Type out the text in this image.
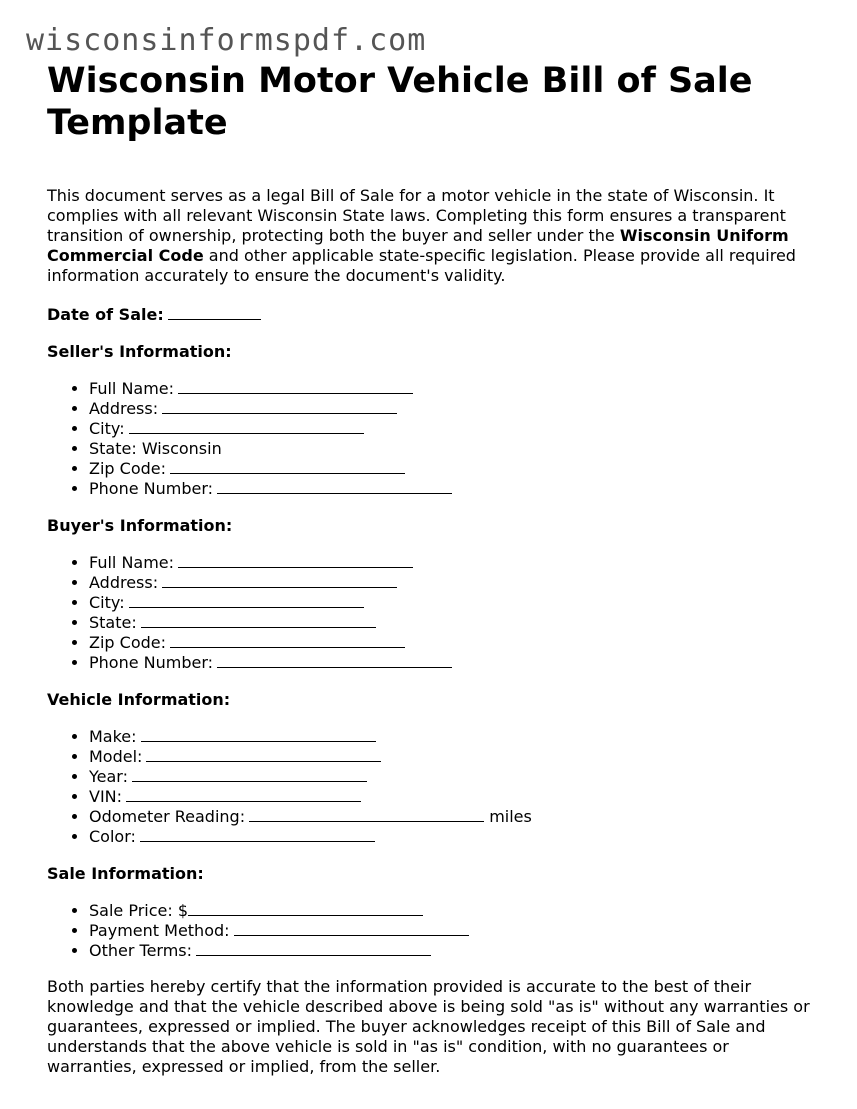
wisconsinformspdf.com
Wisconsin Motor Vehicle Bill of Sale Template

This document serves as a legal Bill of Sale for a motor vehicle in the state of Wisconsin. It complies with all relevant Wisconsin State laws. Completing this form ensures a transparent transition of ownership, protecting both the buyer and seller under the Wisconsin Uniform Commercial Code and other applicable state-specific legislation. Please provide all required information accurately to ensure the document's validity.

Date of Sale:
Seller's Information:
• Full Name:
• Address:
• City:
• State: Wisconsin
• Zip Code:
• Phone Number:
Buyer's Information:
• Full Name:
• Address:
• City:
• State:
• Zip Code:
• Phone Number:
Vehicle Information:
• Make:
• Model:
• Year:
• VIN:
• Odometer Reading:	miles
• Color:
Sale Information:
• Sale Price: $
• Payment Method:
• Other Terms:

Both parties hereby certify that the information provided is accurate to the best of their knowledge and that the vehicle described above is being sold "as is" without any warranties or guarantees, expressed or implied. The buyer acknowledges receipt of this Bill of Sale and understands that the above vehicle is sold in "as is" condition, with no guarantees or warranties, expressed or implied, from the seller.
